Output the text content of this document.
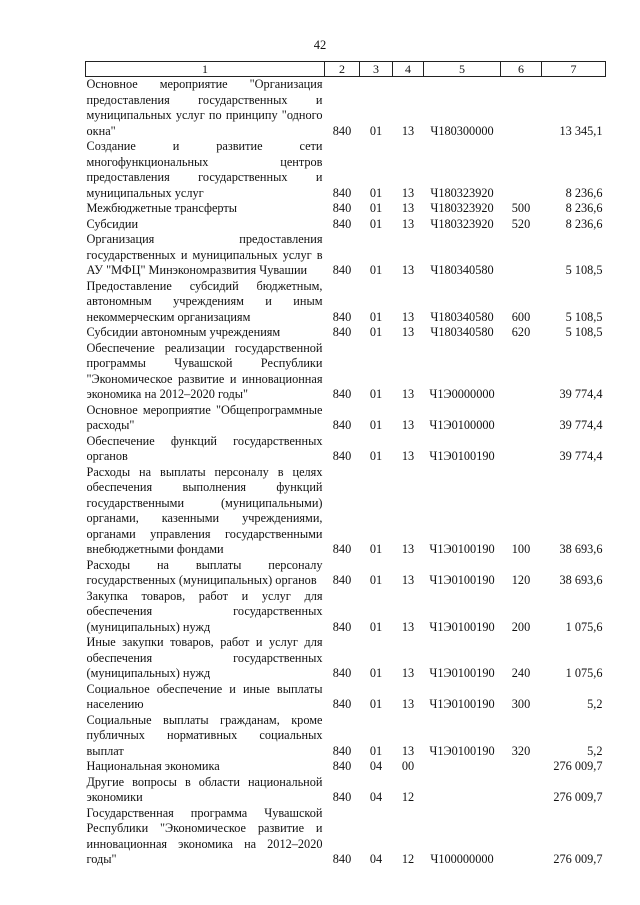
42
1	2	3	4	5	6	7
Основное мероприятие "Организация предоставления государственных и муниципальных услуг по принципу "одного окна"	840	01	13	Ч180300000		13 345,1
Создание и развитие сети многофункциональных центров предоставления государственных и муниципальных услуг	840	01	13	Ч180323920		8 236,6
Межбюджетные трансферты	840	01	13	Ч180323920	500	8 236,6
Субсидии	840	01	13	Ч180323920	520	8 236,6
Организация предоставления государственных и муниципальных услуг в АУ "МФЦ" Минэкономразвития Чувашии	840	01	13	Ч180340580		5 108,5
Предоставление субсидий бюджетным, автономным учреждениям и иным некоммерческим организациям	840	01	13	Ч180340580	600	5 108,5
Субсидии автономным учреждениям	840	01	13	Ч180340580	620	5 108,5
Обеспечение реализации государственной программы Чувашской Республики "Экономическое развитие и инновационная экономика на 2012–2020 годы"	840	01	13	Ч1Э0000000		39 774,4
Основное мероприятие "Общепрограммные расходы"	840	01	13	Ч1Э0100000		39 774,4
Обеспечение функций государственных органов	840	01	13	Ч1Э0100190		39 774,4
Расходы на выплаты персоналу в целях обеспечения выполнения функций государственными (муниципальными) органами, казенными учреждениями, органами управления государственными внебюджетными фондами	840	01	13	Ч1Э0100190	100	38 693,6
Расходы на выплаты персоналу государственных (муниципальных) органов	840	01	13	Ч1Э0100190	120	38 693,6
Закупка товаров, работ и услуг для обеспечения государственных (муниципальных) нужд	840	01	13	Ч1Э0100190	200	1 075,6
Иные закупки товаров, работ и услуг для обеспечения государственных (муниципальных) нужд	840	01	13	Ч1Э0100190	240	1 075,6
Социальное обеспечение и иные выплаты населению	840	01	13	Ч1Э0100190	300	5,2
Социальные выплаты гражданам, кроме публичных нормативных социальных выплат	840	01	13	Ч1Э0100190	320	5,2
Национальная экономика	840	04	00			276 009,7
Другие вопросы в области национальной экономики	840	04	12			276 009,7
Государственная программа Чувашской Республики "Экономическое развитие и инновационная экономика на 2012–2020 годы"	840	04	12	Ч100000000		276 009,7
